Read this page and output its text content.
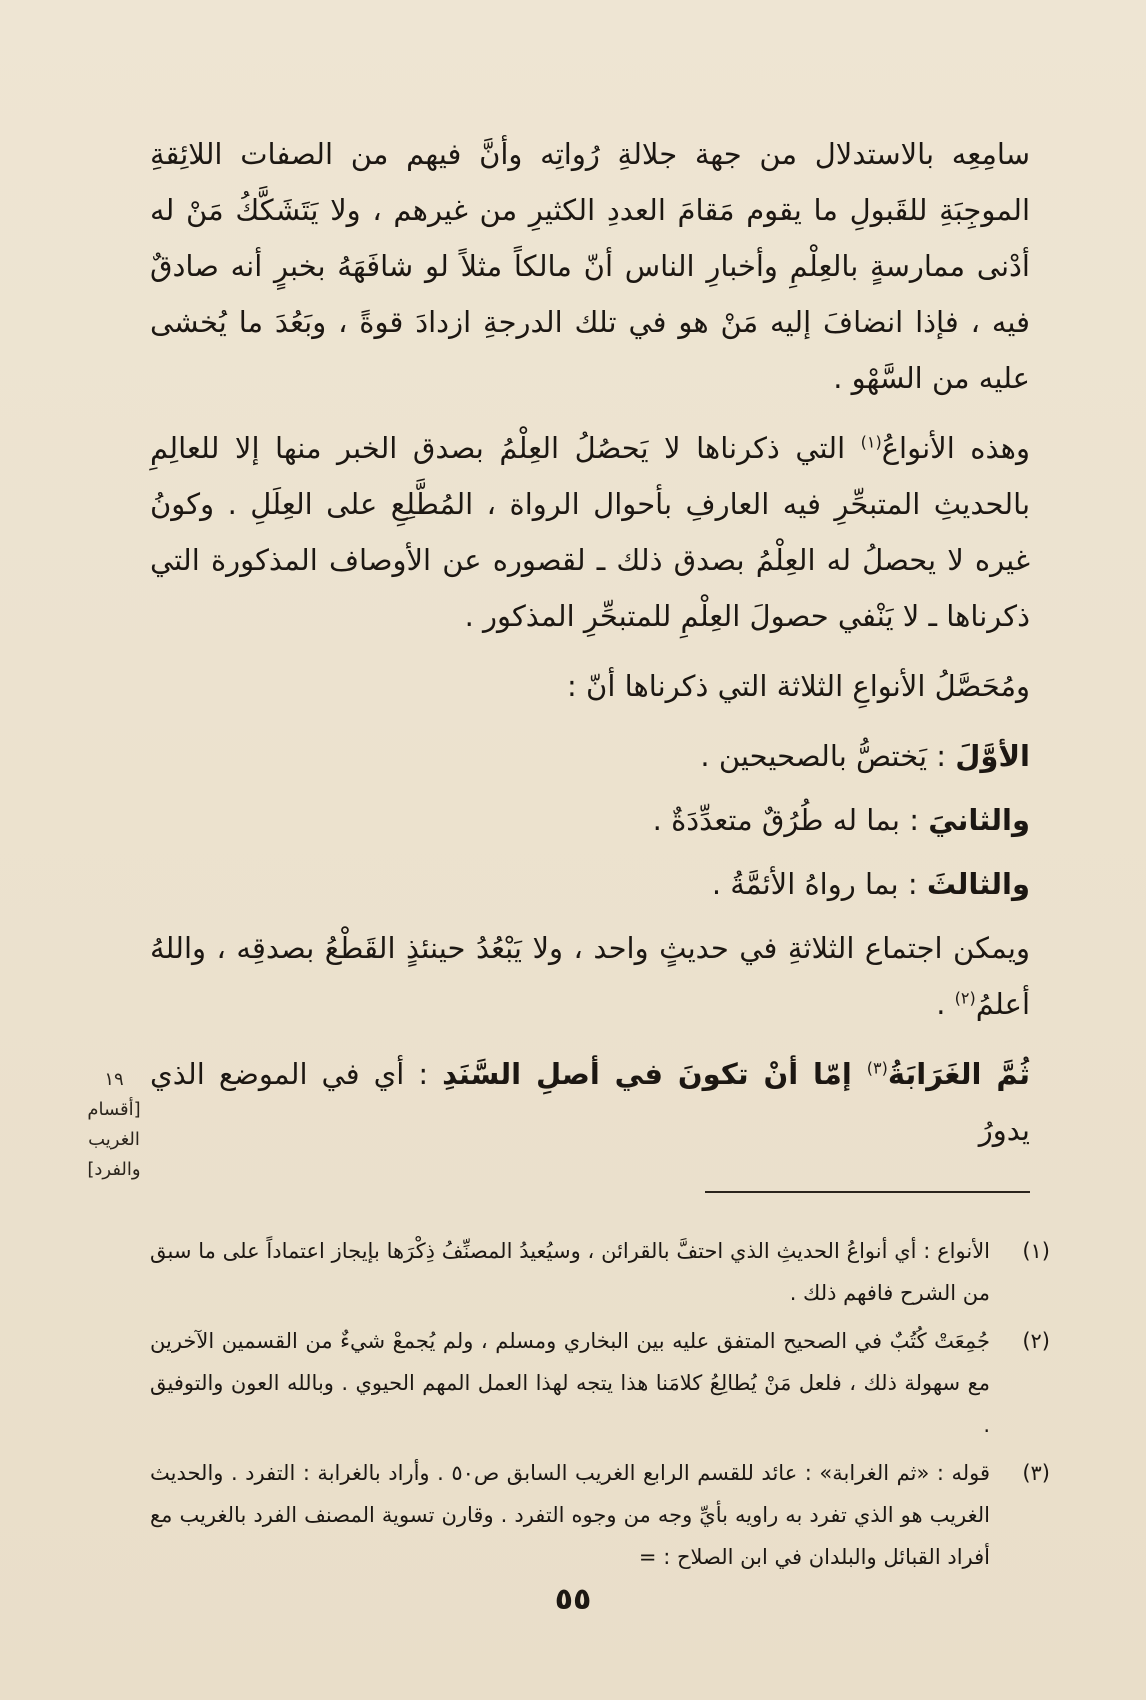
سامِعِه بالاستدلال من جهة جلالةِ رُواتِه وأنَّ فيهم من الصفات اللائِقةِ الموجِبَةِ للقَبولِ ما يقوم مَقامَ العددِ الكثيرِ من غيرهم ، ولا يَتَشَكَّكُ مَنْ له أدْنى ممارسةٍ بالعِلْمِ وأخبارِ الناس أنّ مالكاً مثلاً لو شافَهَهُ بخبرٍ أنه صادقٌ فيه ، فإذا انضافَ إليه مَنْ هو في تلك الدرجةِ ازدادَ قوةً ، وبَعُدَ ما يُخشى عليه من السَّهْو .

وهذه الأنواعُ$^{(١)}$ التي ذكرناها لا يَحصُلُ العِلْمُ بصدق الخبر منها إلا للعالِمِ بالحديثِ المتبحِّرِ فيه العارفِ بأحوال الرواة ، المُطَّلِعِ على العِلَلِ . وكونُ غيره لا يحصلُ له العِلْمُ بصدق ذلك ـ لقصوره عن الأوصاف المذكورة التي ذكرناها ـ لا يَنْفي حصولَ العِلْمِ للمتبحِّرِ المذكور .

ومُحَصَّلُ الأنواعِ الثلاثة التي ذكرناها أنّ :

الأوَّلَ : يَختصُّ بالصحيحين .

والثانيَ : بما له طُرُقٌ متعدِّدَةٌ .

والثالثَ : بما رواهُ الأئمَّةُ .

ويمكن اجتماع الثلاثةِ في حديثٍ واحد ، ولا يَبْعُدُ حينئذٍ القَطْعُ بصدقِه ، واللهُ أعلمُ$^{(٢)}$ .

ثُمَّ الغَرَابَةُ$^{(٣)}$ إمّا أنْ تكونَ في أصلِ السَّنَدِ : أي في الموضع الذي يدورُ

١٩
[أقسام الغريب والفرد]
(١)
الأنواع : أي أنواعُ الحديثِ الذي احتفَّ بالقرائن ، وسيُعيدُ المصنِّفُ ذِكْرَها بإيجاز اعتماداً على ما سبق من الشرح فافهم ذلك .
(٢)
جُمِعَتْ كُتُبٌ في الصحيح المتفق عليه بين البخاري ومسلم ، ولم يُجمعْ شيءٌ من القسمين الآخرين مع سهولة ذلك ، فلعل مَنْ يُطالِعُ كلامَنا هذا يتجه لهذا العمل المهم الحيوي . وبالله العون والتوفيق .
(٣)
قوله : «ثم الغرابة» : عائد للقسم الرابع الغريب السابق ص٥٠ . وأراد بالغرابة : التفرد . والحديث الغريب هو الذي تفرد به راويه بأيِّ وجه من وجوه التفرد . وقارن تسوية المصنف الفرد بالغريب مع أفراد القبائل والبلدان في ابن الصلاح : =
٥٥
